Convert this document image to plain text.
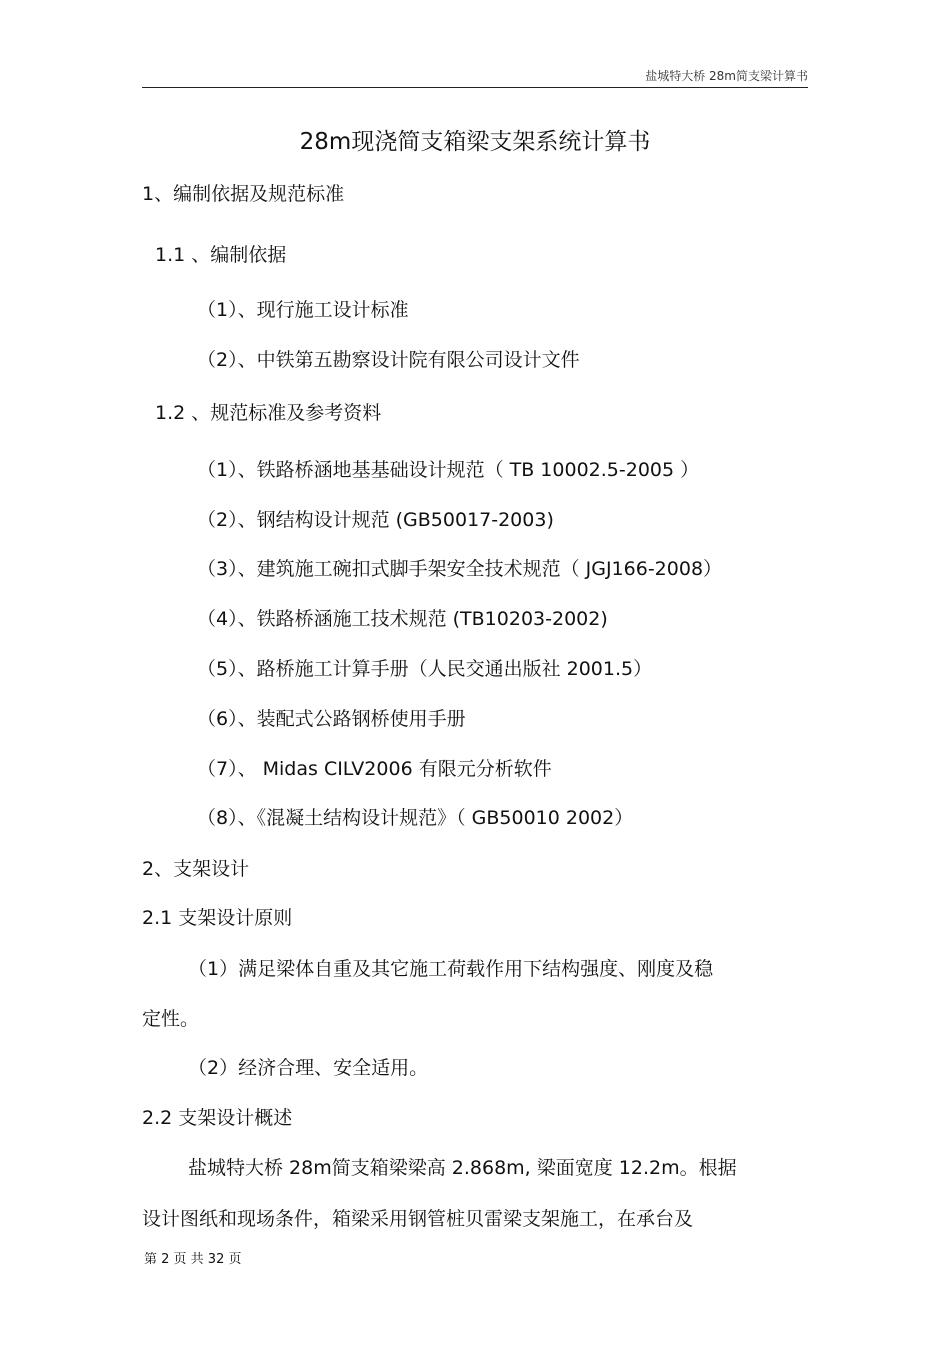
盐城特大桥 28m简支梁计算书
28m现浇简支箱梁支架系统计算书
1、编制依据及规范标准
1.1 、编制依据
（1）、现行施工设计标准
（2）、中铁第五勘察设计院有限公司设计文件
1.2 、规范标准及参考资料
（1）、铁路桥涵地基基础设计规范（ TB 10002.5-2005 ）
（2）、钢结构设计规范 (GB50017-2003)
（3）、建筑施工碗扣式脚手架安全技术规范（ JGJ166-2008）
（4）、铁路桥涵施工技术规范 (TB10203-2002)
（5）、路桥施工计算手册（人民交通出版社 2001.5）
（6）、装配式公路钢桥使用手册
（7）、 Midas CILV2006 有限元分析软件
（8）、《混凝土结构设计规范》（ GB50010 2002）
2、支架设计
2.1 支架设计原则
（1）满足梁体自重及其它施工荷载作用下结构强度、刚度及稳
定性。
（2）经济合理、安全适用。
2.2 支架设计概述
盐城特大桥 28m简支箱梁梁高 2.868m, 梁面宽度 12.2m。根据
设计图纸和现场条件，箱梁采用钢管桩贝雷梁支架施工，在承台及
第 2 页 共 32 页
